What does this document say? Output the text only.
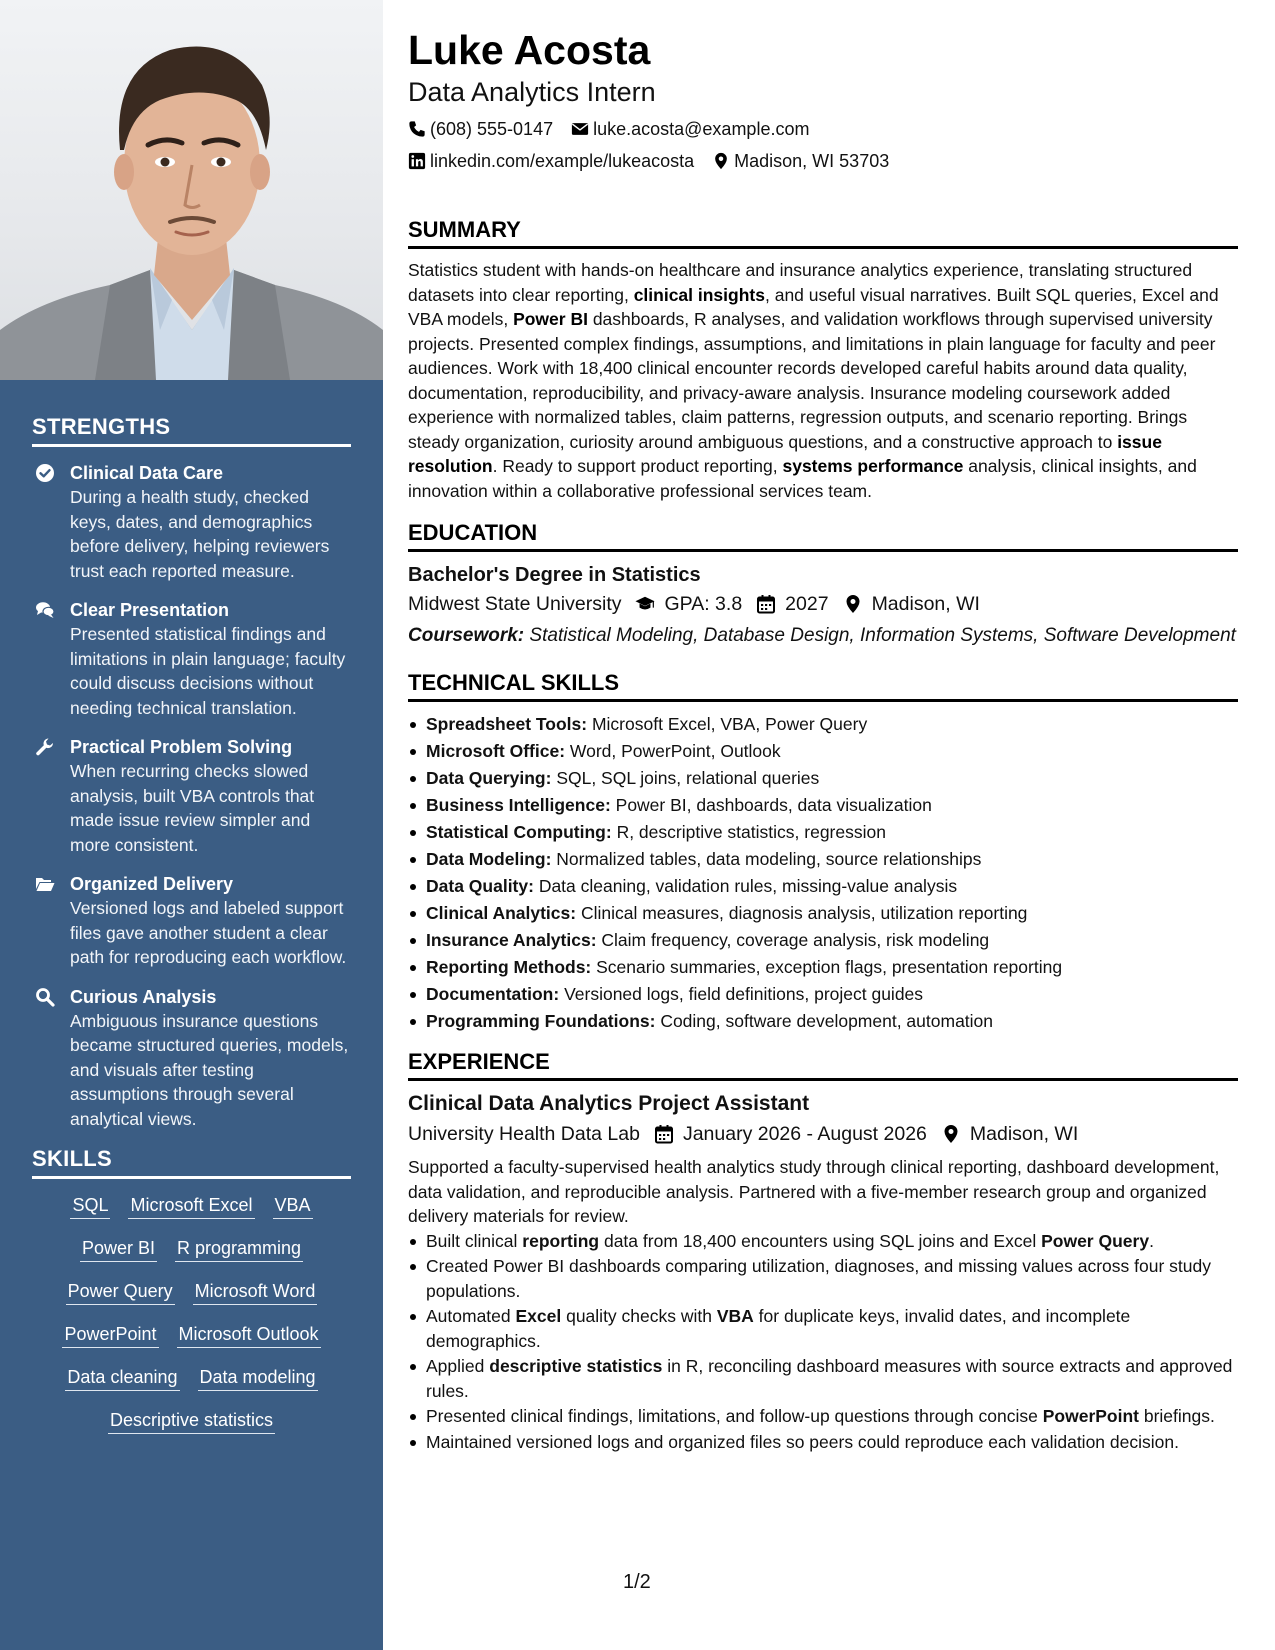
STRENGTHS
Clinical Data Care
During a health study, checked keys, dates, and demographics before delivery, helping reviewers trust each reported measure.
Clear Presentation
Presented statistical findings and limitations in plain language; faculty could discuss decisions without needing technical translation.
Practical Problem Solving
When recurring checks slowed analysis, built VBA controls that made issue review simpler and more consistent.
Organized Delivery
Versioned logs and labeled support files gave another student a clear path for reproducing each workflow.
Curious Analysis
Ambiguous insurance questions became structured queries, models, and visuals after testing assumptions through several analytical views.
SKILLS
SQL Microsoft Excel VBA
Power BI R programming
Power Query Microsoft Word
PowerPoint Microsoft Outlook
Data cleaning Data modeling
Descriptive statistics
Luke Acosta
Data Analytics Intern
(608) 555-0147 luke.acosta@example.com
linkedin.com/example/lukeacosta Madison, WI 53703
SUMMARY
Statistics student with hands-on healthcare and insurance analytics experience, translating structured datasets into clear reporting, clinical insights, and useful visual narratives. Built SQL queries, Excel and VBA models, Power BI dashboards, R analyses, and validation workflows through supervised university projects. Presented complex findings, assumptions, and limitations in plain language for faculty and peer audiences. Work with 18,400 clinical encounter records developed careful habits around data quality, documentation, reproducibility, and privacy-aware analysis. Insurance modeling coursework added experience with normalized tables, claim patterns, regression outputs, and scenario reporting. Brings steady organization, curiosity around ambiguous questions, and a constructive approach to issue resolution. Ready to support product reporting, systems performance analysis, clinical insights, and innovation within a collaborative professional services team.
EDUCATION
Bachelor's Degree in Statistics
Midwest State University GPA: 3.8 2027 Madison, WI
Coursework: Statistical Modeling, Database Design, Information Systems, Software Development
TECHNICAL SKILLS
Spreadsheet Tools: Microsoft Excel, VBA, Power Query
Microsoft Office: Word, PowerPoint, Outlook
Data Querying: SQL, SQL joins, relational queries
Business Intelligence: Power BI, dashboards, data visualization
Statistical Computing: R, descriptive statistics, regression
Data Modeling: Normalized tables, data modeling, source relationships
Data Quality: Data cleaning, validation rules, missing-value analysis
Clinical Analytics: Clinical measures, diagnosis analysis, utilization reporting
Insurance Analytics: Claim frequency, coverage analysis, risk modeling
Reporting Methods: Scenario summaries, exception flags, presentation reporting
Documentation: Versioned logs, field definitions, project guides
Programming Foundations: Coding, software development, automation
EXPERIENCE
Clinical Data Analytics Project Assistant
University Health Data Lab January 2026 - August 2026 Madison, WI
Supported a faculty-supervised health analytics study through clinical reporting, dashboard development, data validation, and reproducible analysis. Partnered with a five-member research group and organized delivery materials for review.
Built clinical reporting data from 18,400 encounters using SQL joins and Excel Power Query.
Created Power BI dashboards comparing utilization, diagnoses, and missing values across four study populations.
Automated Excel quality checks with VBA for duplicate keys, invalid dates, and incomplete demographics.
Applied descriptive statistics in R, reconciling dashboard measures with source extracts and approved rules.
Presented clinical findings, limitations, and follow-up questions through concise PowerPoint briefings.
Maintained versioned logs and organized files so peers could reproduce each validation decision.
1/2
